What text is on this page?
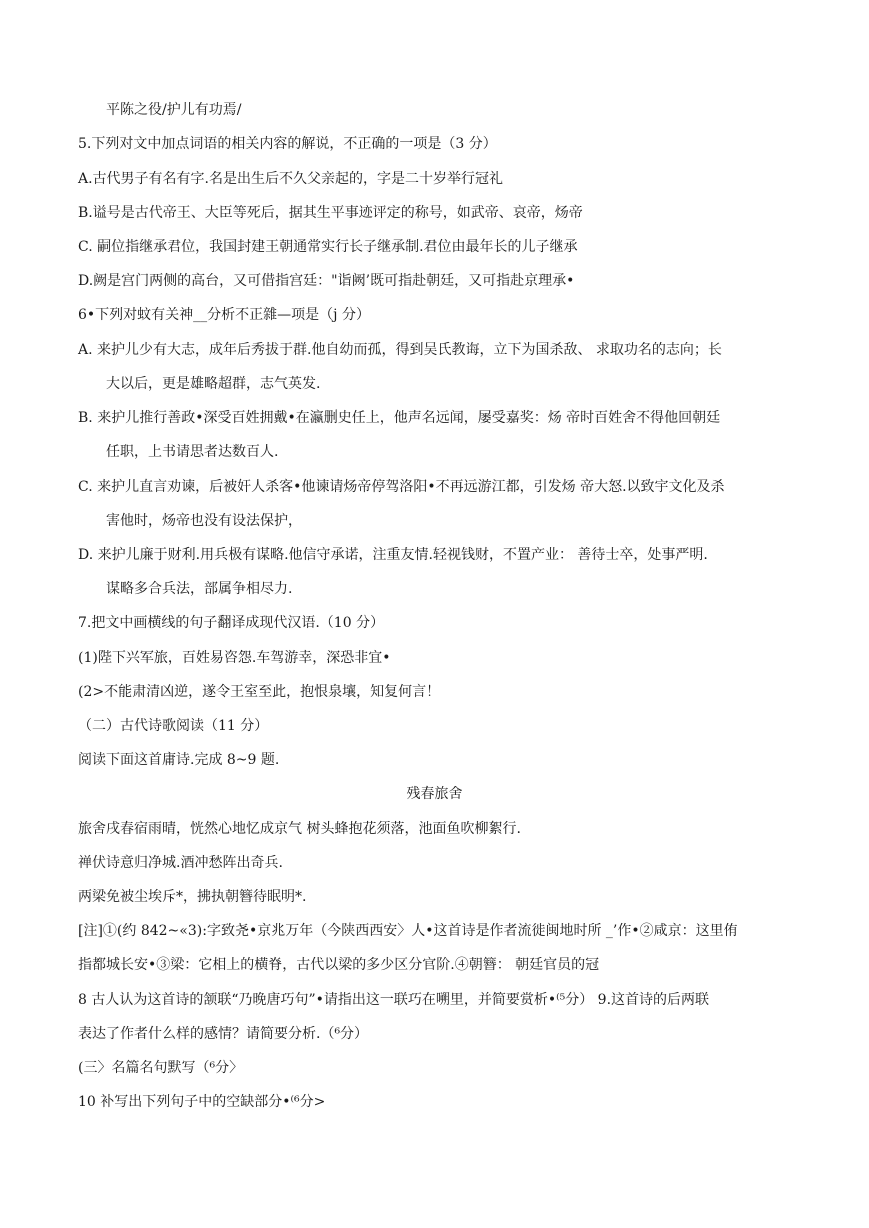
平陈之役/护儿有功焉/
5.下列对文中加点词语的相关内容的解说，不正确的一项是（3 分）
A.古代男子有名有字.名是出生后不久父亲起的，字是二十岁举行冠礼
B.谥号是古代帝王、大臣等死后，据其生平事迹评定的称号，如武帝、哀帝，炀帝
C. 嗣位指继承君位，我国封建王朝通常实行长子继承制.君位由最年长的儿子继承
D.阙是宫门两侧的高台，又可借指宫廷："诣阙’既可指赴朝廷，又可指赴京理承•
6•下列对蚊有关神__分析不正雜—项是（j 分）
A. 来护儿少有大志，成年后秀拔于群.他自幼而孤，得到吴氏教诲，立下为国杀敌、 求取功名的志向；长
大以后，更是雄略超群，志气英发.
B. 来护儿推行善政•深受百姓拥戴•在瀛删史任上，他声名远闻，屡受嘉奖：炀 帝时百姓舍不得他回朝廷
任职，上书请思者达数百人.
C. 来护儿直言劝谏，后被奸人杀客•他谏请炀帝停驾洛阳•不再远游江都，引发炀 帝大怒.以致宇文化及杀
害他时，炀帝也没有设法保护，
D. 来护儿廉于财利.用兵极有谋略.他信守承诺，注重友情.轻视钱财，不置产业： 善待士卒，处事严明.
谋略多合兵法，部属争相尽力.
7.把文中画横线的句子翻译成现代汉语.（10 分）
(1)陛下兴军旅，百姓易咨怨.车驾游幸，深恐非宜•
(2>不能肃清凶逆，遂令王室至此，抱恨泉壤，知复何言！
（二）古代诗歌阅读（11 分）
阅读下面这首庸诗.完成 8~9 题.
残春旅舍
旅舍戌春宿雨晴，恍然心地忆成京气 树头蜂抱花须落，池面鱼吹柳絮行.
禅伏诗意归净城.酒冲愁阵出奇兵.
两梁免被尘埃斥*，拂执朝簪待眠明*.
[注]①(约 842~«3):字致尧•京兆万年（今陕西西安〉人•这首诗是作者流徙闽地时所 _’作•②咸京：这里侑
指都城长安•③梁：它相上的横脊，古代以梁的多少区分官阶.④朝簪： 朝廷官员的冠
8 古人认为这首诗的颔联“乃晚唐巧句”•请指出这一联巧在嗍里，并简要赏析•⁽⁵分） 9.这首诗的后两联
表达了作者什么样的感情？请简要分析.（⁶分）
(三〉名篇名句默写（⁶分〉
10 补写出下列句子中的空缺部分•⁽⁶分>
